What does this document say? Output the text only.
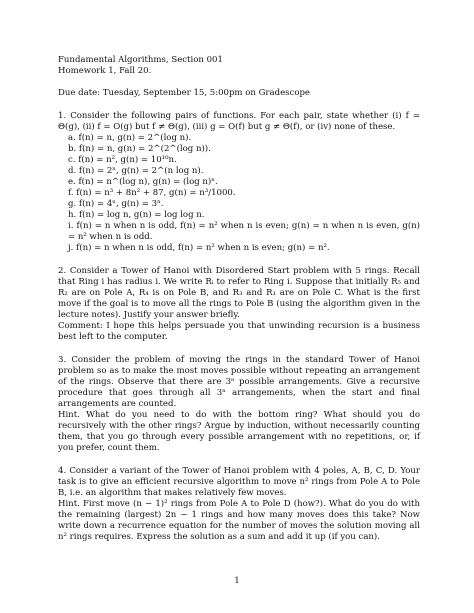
Fundamental Algorithms, Section 001
Homework 1, Fall 20.
Due date: Tuesday, September 15, 5:00pm on Gradescope

1. Consider the following pairs of functions. For each pair, state whether (i) f = Θ(g), (ii) f = O(g) but f ≠ Θ(g), (iii) g = O(f) but g ≠ Θ(f), or (iv) none of these.

a. f(n) = n, g(n) = 2^(log n).
b. f(n) = n, g(n) = 2^(2^(log n)).
c. f(n) = n², g(n) = 10¹⁰n.
d. f(n) = 2ⁿ, g(n) = 2^(n log n).
e. f(n) = n^(log n), g(n) = (log n)ⁿ.
f. f(n) = n³ + 8n² + 87, g(n) = n³/1000.
g. f(n) = 4ⁿ, g(n) = 3ⁿ.
h. f(n) = log n, g(n) = log log n.
i. f(n) = n when n is odd, f(n) = n² when n is even; g(n) = n when n is even, g(n) = n² when n is odd.
j. f(n) = n when n is odd, f(n) = n² when n is even; g(n) = n².

2. Consider a Tower of Hanoi with Disordered Start problem with 5 rings. Recall that Ring i has radius i. We write Rᵢ to refer to Ring i. Suppose that initially R₅ and R₂ are on Pole A, R₄ is on Pole B, and R₃ and R₁ are on Pole C. What is the first move if the goal is to move all the rings to Pole B (using the algorithm given in the lecture notes). Justify your answer briefly.

Comment: I hope this helps persuade you that unwinding recursion is a business best left to the computer.

3. Consider the problem of moving the rings in the standard Tower of Hanoi problem so as to make the most moves possible without repeating an arrangement of the rings. Observe that there are 3ⁿ possible arrangements. Give a recursive procedure that goes through all 3ⁿ arrangements, when the start and final arrangements are counted.

Hint. What do you need to do with the bottom ring? What should you do recursively with the other rings? Argue by induction, without necessarily counting them, that you go through every possible arrangement with no repetitions, or, if you prefer, count them.

4. Consider a variant of the Tower of Hanoi problem with 4 poles, A, B, C, D. Your task is to give an efficient recursive algorithm to move n² rings from Pole A to Pole B, i.e. an algorithm that makes relatively few moves.

Hint. First move (n − 1)² rings from Pole A to Pole D (how?). What do you do with the remaining (largest) 2n − 1 rings and how many moves does this take? Now write down a recurrence equation for the number of moves the solution moving all n² rings requires. Express the solution as a sum and add it up (if you can).

1
